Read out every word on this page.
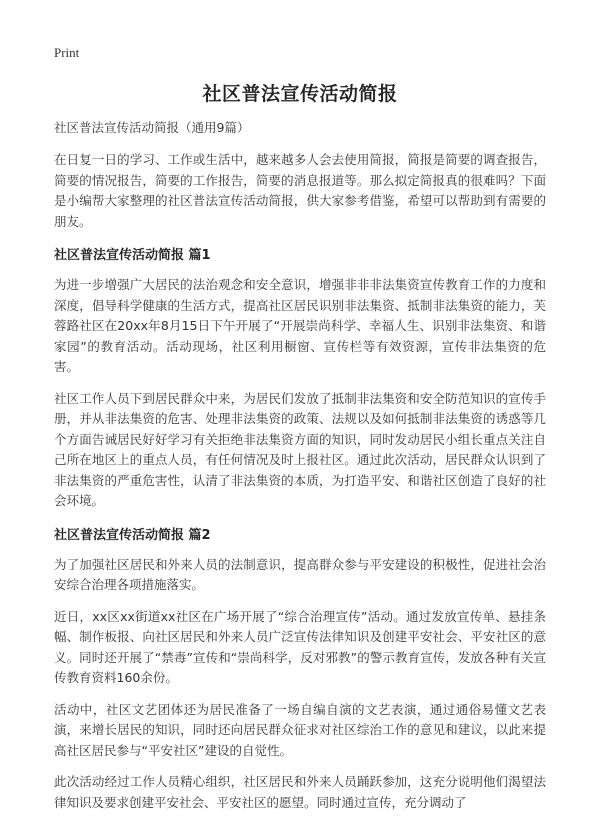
Print
社区普法宣传活动简报

社区普法宣传活动简报（通用9篇）

在日复一日的学习、工作或生活中，越来越多人会去使用简报，简报是简要的调查报告，简要的情况报告，简要的工作报告，简要的消息报道等。那么拟定简报真的很难吗？下面是小编帮大家整理的社区普法宣传活动简报，供大家参考借鉴，希望可以帮助到有需要的朋友。

社区普法宣传活动简报 篇1

为进一步增强广大居民的法治观念和安全意识，增强非非非法集资宣传教育工作的力度和深度，倡导科学健康的生活方式，提高社区居民识别非法集资、抵制非法集资的能力，芙蓉路社区在20xx年8月15日下午开展了“开展崇尚科学、幸福人生、识别非法集资、和谐家园”的教育活动。活动现场，社区利用橱窗、宣传栏等有效资源，宣传非法集资的危害。

社区工作人员下到居民群众中来，为居民们发放了抵制非法集资和安全防范知识的宣传手册，并从非法集资的危害、处理非法集资的政策、法规以及如何抵制非法集资的诱惑等几个方面告诫居民好好学习有关拒绝非法集资方面的知识，同时发动居民小组长重点关注自己所在地区上的重点人员，有任何情况及时上报社区。通过此次活动，居民群众认识到了非法集资的严重危害性，认清了非法集资的本质，为打造平安、和谐社区创造了良好的社会环境。

社区普法宣传活动简报 篇2

为了加强社区居民和外来人员的法制意识，提高群众参与平安建设的积极性，促进社会治安综合治理各项措施落实。

近日，xx区xx街道xx社区在广场开展了“综合治理宣传”活动。通过发放宣传单、悬挂条幅、制作板报、向社区居民和外来人员广泛宣传法律知识及创建平安社会、平安社区的意义。同时还开展了“禁毒”宣传和“崇尚科学，反对邪教”的警示教育宣传，发放各种有关宣传教育资料160余份。

活动中，社区文艺团体还为居民准备了一场自编自演的文艺表演，通过通俗易懂文艺表演，来增长居民的知识，同时还向居民群众征求对社区综治工作的意见和建议，以此来提高社区居民参与“平安社区”建设的自觉性。

此次活动经过工作人员精心组织，社区居民和外来人员踊跃参加，这充分说明他们渴望法律知识及要求创建平安社会、平安社区的愿望。同时通过宣传，充分调动了
